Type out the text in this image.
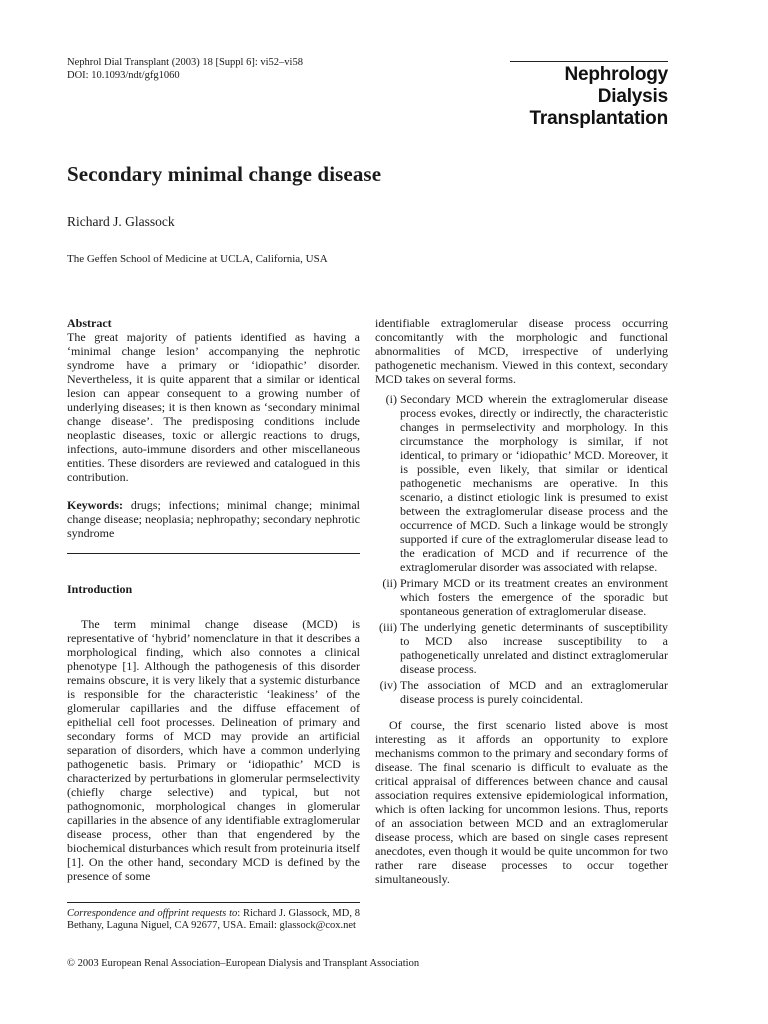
Nephrol Dial Transplant (2003) 18 [Suppl 6]: vi52–vi58
DOI: 10.1093/ndt/gfg1060	Nephrology
Dialysis
Transplantation
Secondary minimal change disease
Richard J. Glassock
The Geffen School of Medicine at UCLA, California, USA
Abstract

The great majority of patients identified as having a ‘minimal change lesion’ accompanying the nephrotic syndrome have a primary or ‘idiopathic’ disorder. Nevertheless, it is quite apparent that a similar or identical lesion can appear consequent to a growing number of underlying diseases; it is then known as ‘secondary minimal change disease’. The predisposing conditions include neoplastic diseases, toxic or allergic reactions to drugs, infections, auto-immune disorders and other miscellaneous entities. These disorders are reviewed and catalogued in this contribution.

Keywords: drugs; infections; minimal change; minimal change disease; neoplasia; nephropathy; secondary nephrotic syndrome

Introduction

The term minimal change disease (MCD) is representative of ‘hybrid’ nomenclature in that it describes a morphological finding, which also connotes a clinical phenotype [1]. Although the pathogenesis of this disorder remains obscure, it is very likely that a systemic disturbance is responsible for the characteristic ‘leakiness’ of the glomerular capillaries and the diffuse effacement of epithelial cell foot processes. Delineation of primary and secondary forms of MCD may provide an artificial separation of disorders, which have a common underlying pathogenetic basis. Primary or ‘idiopathic’ MCD is characterized by perturbations in glomerular permselectivity (chiefly charge selective) and typical, but not pathognomonic, morphological changes in glomerular capillaries in the absence of any identifiable extraglomerular disease process, other than that engendered by the biochemical disturbances which result from proteinuria itself [1]. On the other hand, secondary MCD is defined by the presence of some

Correspondence and offprint requests to: Richard J. Glassock, MD, 8 Bethany, Laguna Niguel, CA 92677, USA. Email: glassock@cox.net

identifiable extraglomerular disease process occurring concomitantly with the morphologic and functional abnormalities of MCD, irrespective of underlying pathogenetic mechanism. Viewed in this context, secondary MCD takes on several forms.

(i) Secondary MCD wherein the extraglomerular disease process evokes, directly or indirectly, the characteristic changes in permselectivity and morphology. In this circumstance the morphology is similar, if not identical, to primary or ‘idiopathic’ MCD. Moreover, it is possible, even likely, that similar or identical pathogenetic mechanisms are operative. In this scenario, a distinct etiologic link is presumed to exist between the extraglomerular disease process and the occurrence of MCD. Such a linkage would be strongly supported if cure of the extraglomerular disease lead to the eradication of MCD and if recurrence of the extraglomerular disorder was associated with relapse.
(ii) Primary MCD or its treatment creates an environment which fosters the emergence of the sporadic but spontaneous generation of extraglomerular disease.
(iii) The underlying genetic determinants of susceptibility to MCD also increase susceptibility to a pathogenetically unrelated and distinct extraglomerular disease process.
(iv) The association of MCD and an extraglomerular disease process is purely coincidental.

Of course, the first scenario listed above is most interesting as it affords an opportunity to explore mechanisms common to the primary and secondary forms of disease. The final scenario is difficult to evaluate as the critical appraisal of differences between chance and causal association requires extensive epidemiological information, which is often lacking for uncommon lesions. Thus, reports of an association between MCD and an extraglomerular disease process, which are based on single cases represent anecdotes, even though it would be quite uncommon for two rather rare disease processes to occur together simultaneously.

© 2003 European Renal Association–European Dialysis and Transplant Association
